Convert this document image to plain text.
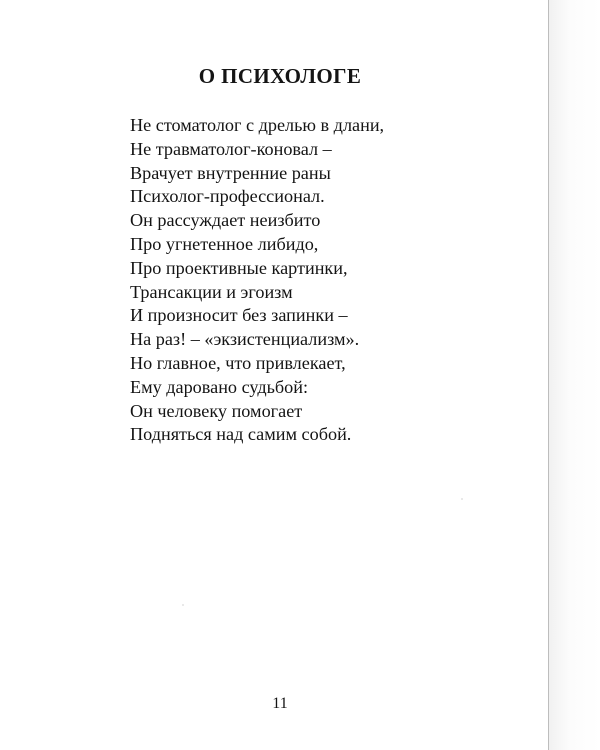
О ПСИХОЛОГЕ
Не стоматолог с дрелью в длани,
Не травматолог-коновал –
Врачует внутренние раны
Психолог-профессионал.
Он рассуждает неизбито
Про угнетенное либидо,
Про проективные картинки,
Трансакции и эгоизм
И произносит без запинки –
На раз! – «экзистенциализм».
Но главное, что привлекает,
Ему даровано судьбой:
Он человеку помогает
Подняться над самим собой.
11
